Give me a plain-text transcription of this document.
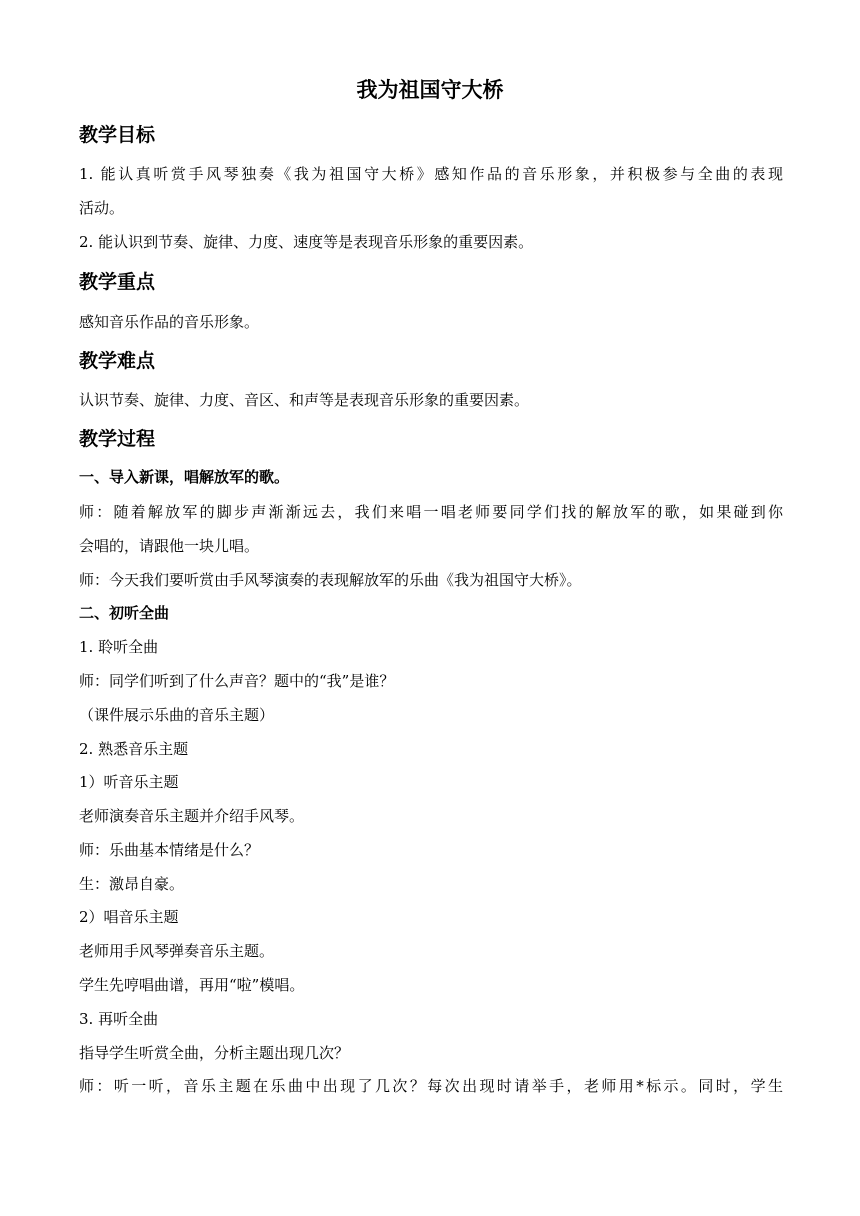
我为祖国守大桥
教学目标

1. 能认真听赏手风琴独奏《我为祖国守大桥》感知作品的音乐形象，并积极参与全曲的表现

活动。

2. 能认识到节奏、旋律、力度、速度等是表现音乐形象的重要因素。

教学重点

感知音乐作品的音乐形象。

教学难点

认识节奏、旋律、力度、音区、和声等是表现音乐形象的重要因素。

教学过程
一、导入新课，唱解放军的歌。

师：随着解放军的脚步声渐渐远去，我们来唱一唱老师要同学们找的解放军的歌，如果碰到你

会唱的，请跟他一块儿唱。

师：今天我们要听赏由手风琴演奏的表现解放军的乐曲《我为祖国守大桥》。

二、初听全曲

1. 聆听全曲

师：同学们听到了什么声音？题中的“我”是谁？

（课件展示乐曲的音乐主题）

2. 熟悉音乐主题

1）听音乐主题

老师演奏音乐主题并介绍手风琴。

师：乐曲基本情绪是什么？

生：激昂自豪。

2）唱音乐主题

老师用手风琴弹奏音乐主题。

学生先哼唱曲谱，再用“啦”模唱。

3. 再听全曲

指导学生听赏全曲，分析主题出现几次？

师：听一听，音乐主题在乐曲中出现了几次？每次出现时请举手，老师用*标示。同时，学生
